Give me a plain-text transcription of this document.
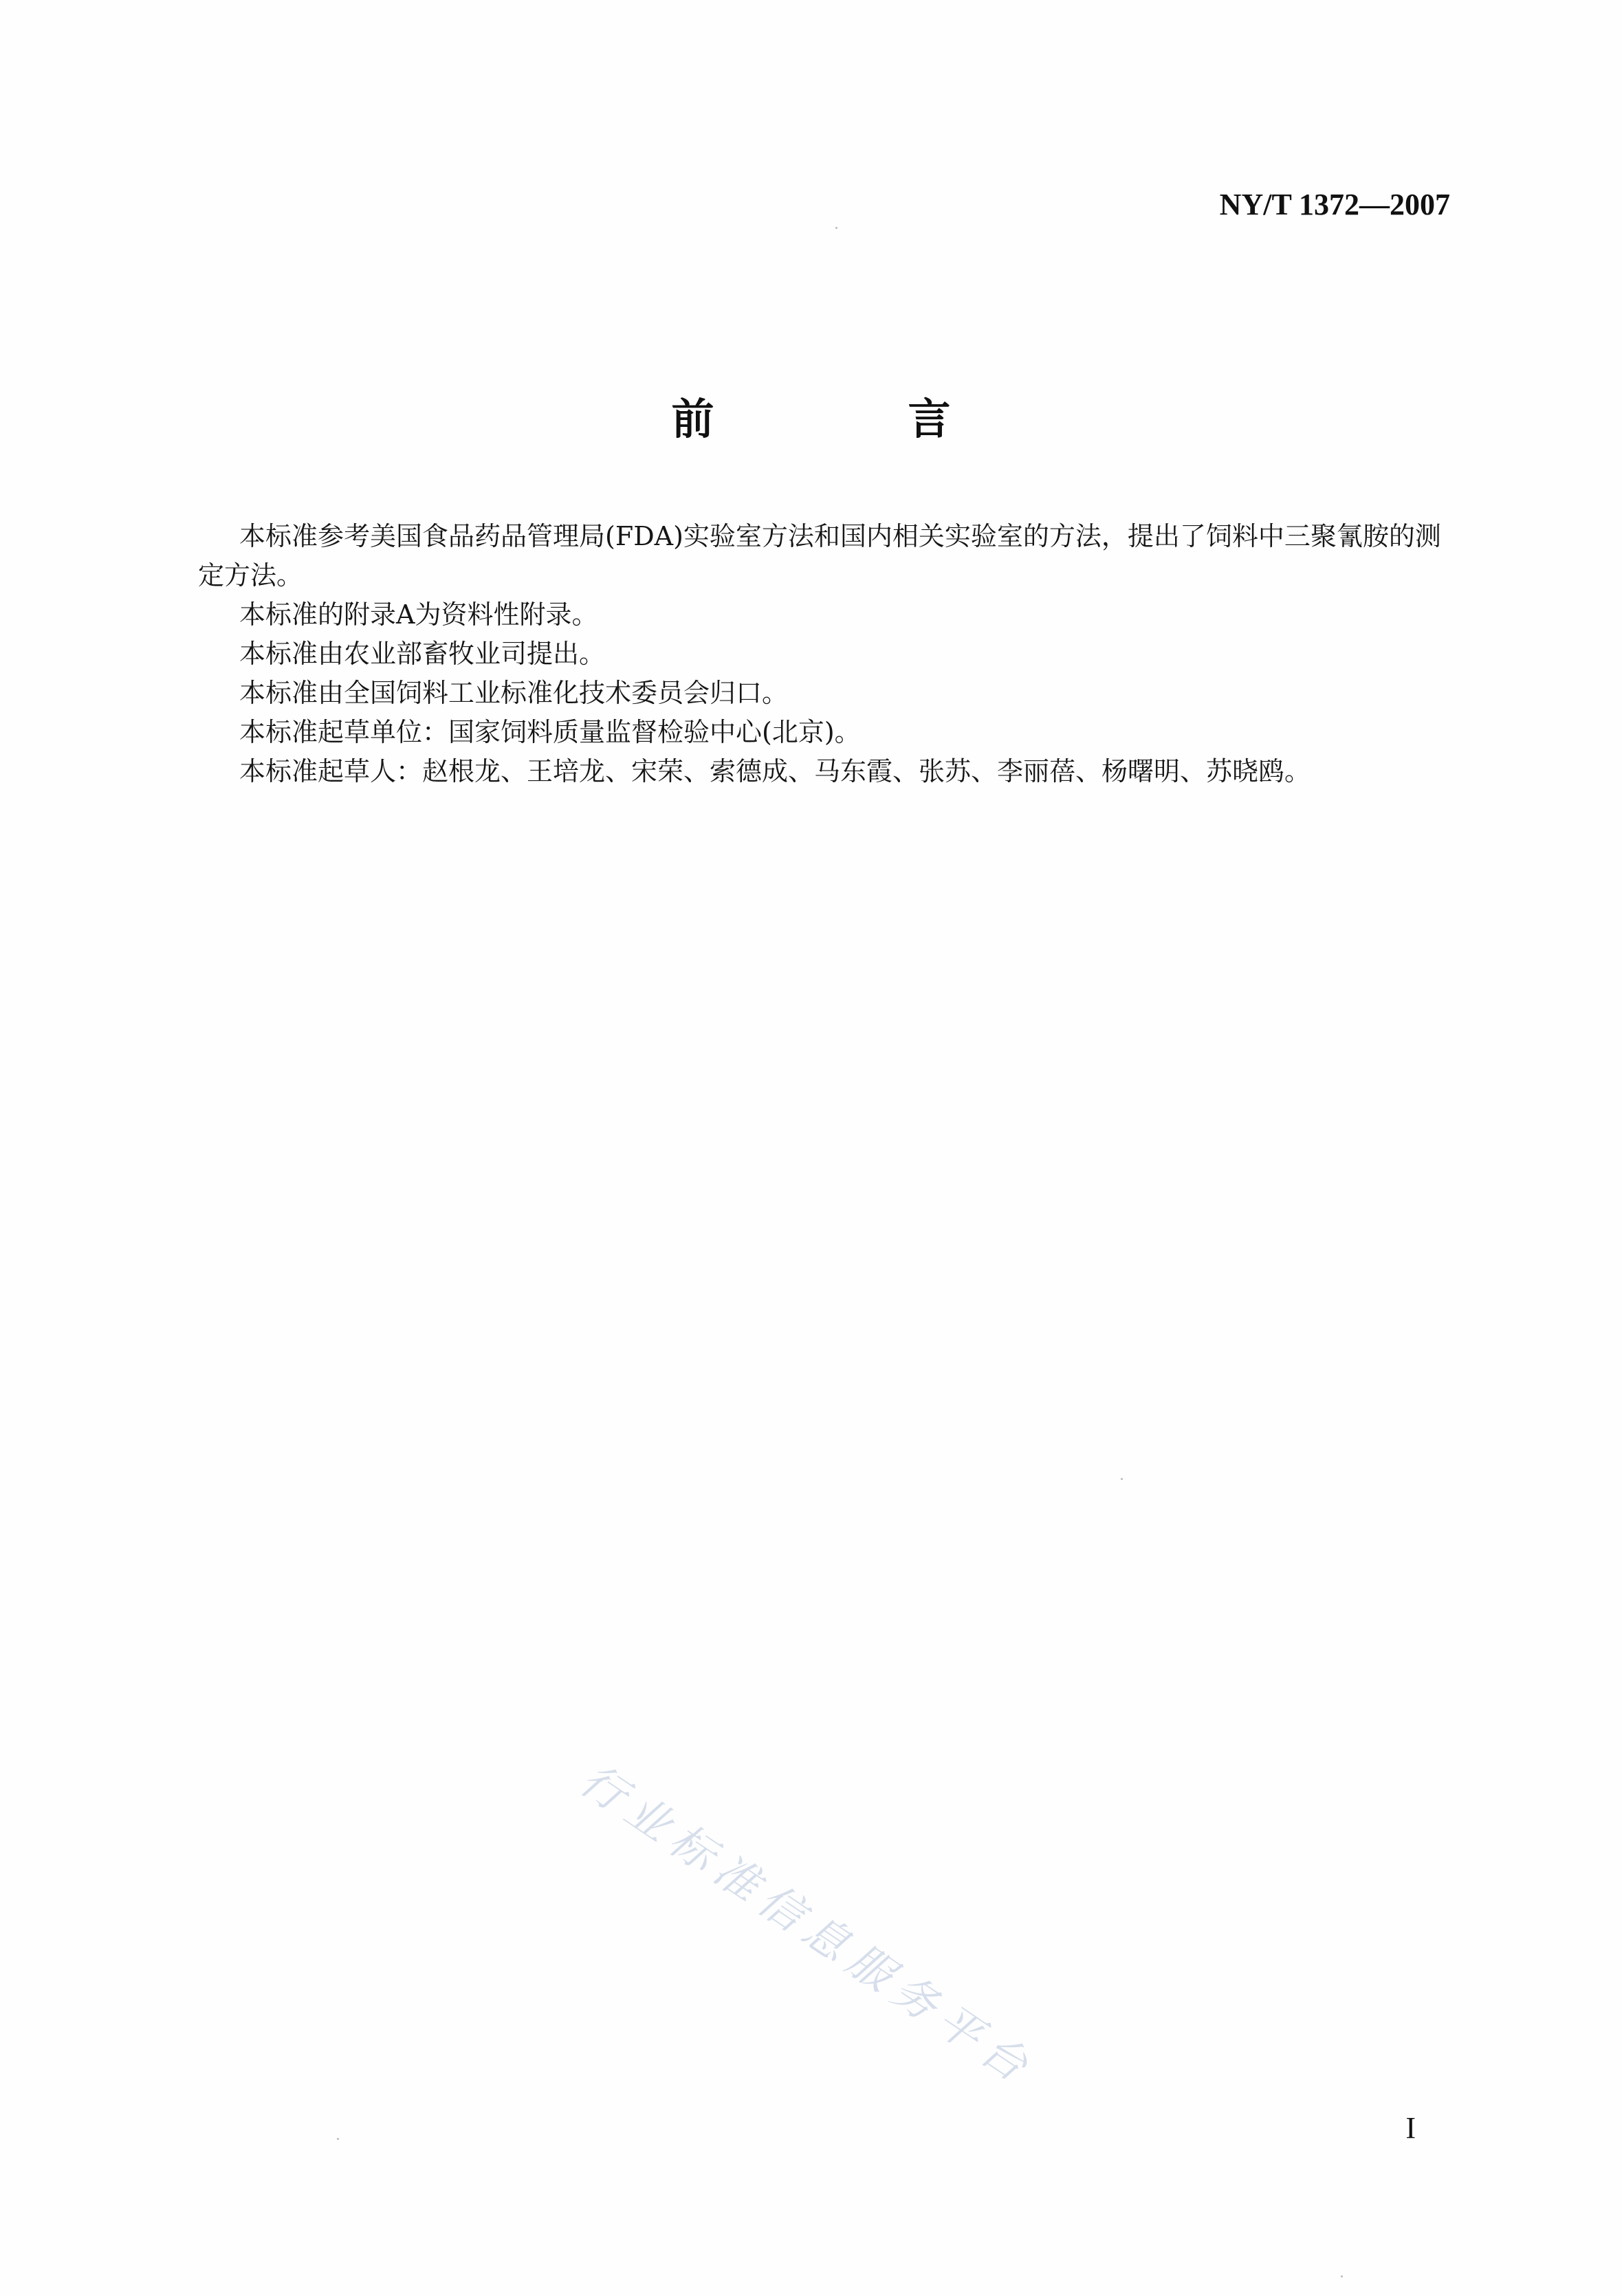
NY/T 1372—2007
前　言

本标准参考美国食品药品管理局(FDA)实验室方法和国内相关实验室的方法，提出了饲料中三聚氰胺的测定方法。

本标准的附录A为资料性附录。

本标准由农业部畜牧业司提出。

本标准由全国饲料工业标准化技术委员会归口。

本标准起草单位：国家饲料质量监督检验中心(北京)。

本标准起草人：赵根龙、王培龙、宋荣、索德成、马东霞、张苏、李丽蓓、杨曙明、苏晓鸥。

行业标准信息服务平台
I
